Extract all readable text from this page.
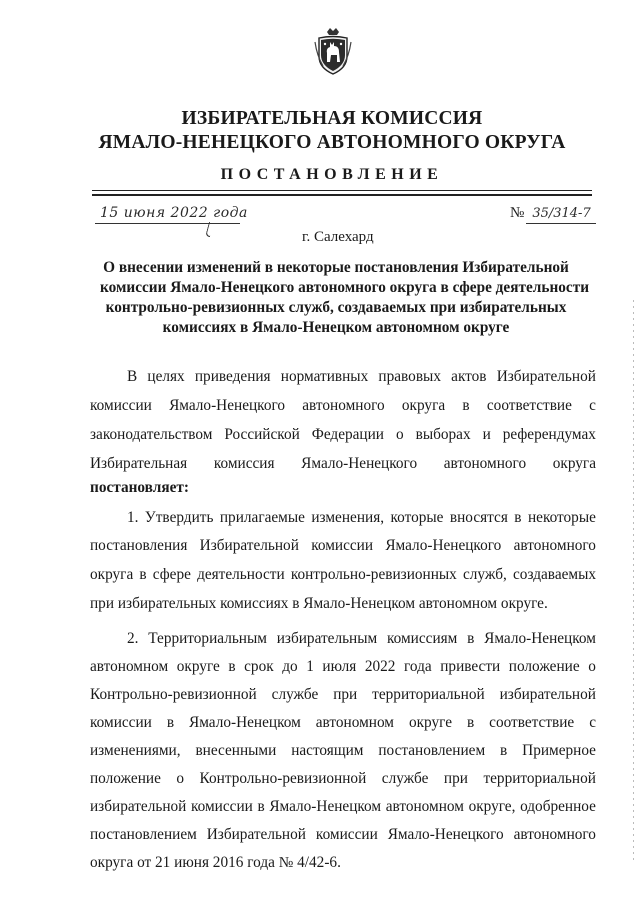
ИЗБИРАТЕЛЬНАЯ КОМИССИЯ
ЯМАЛО-НЕНЕЦКОГО АВТОНОМНОГО ОКРУГА
ПОСТАНОВЛЕНИЕ
15 июня 2022 года	№ 35/314-7
г. Салехард
О внесении изменений в некоторые постановления Избирательной
комиссии Ямало-Ненецкого автономного округа в сфере деятельности
контрольно-ревизионных служб, создаваемых при избирательных
комиссиях в Ямало-Ненецком автономном округе
В целях приведения нормативных правовых актов Избирательной
комиссии Ямало-Ненецкого автономного округа в соответствие с
законодательством Российской Федерации о выборах и референдумах
Избирательная комиссия Ямало-Ненецкого автономного округа
постановляет:
1. Утвердить прилагаемые изменения, которые вносятся в некоторые
постановления Избирательной комиссии Ямало-Ненецкого автономного
округа в сфере деятельности контрольно-ревизионных служб, создаваемых
при избирательных комиссиях в Ямало-Ненецком автономном округе.
2. Территориальным избирательным комиссиям в Ямало-Ненецком
автономном округе в срок до 1 июля 2022 года привести положение о
Контрольно-ревизионной службе при территориальной избирательной
комиссии в Ямало-Ненецком автономном округе в соответствие с
изменениями, внесенными настоящим постановлением в Примерное
положение о Контрольно-ревизионной службе при территориальной
избирательной комиссии в Ямало-Ненецком автономном округе, одобренное
постановлением Избирательной комиссии Ямало-Ненецкого автономного
округа от 21 июня 2016 года № 4/42-6.
